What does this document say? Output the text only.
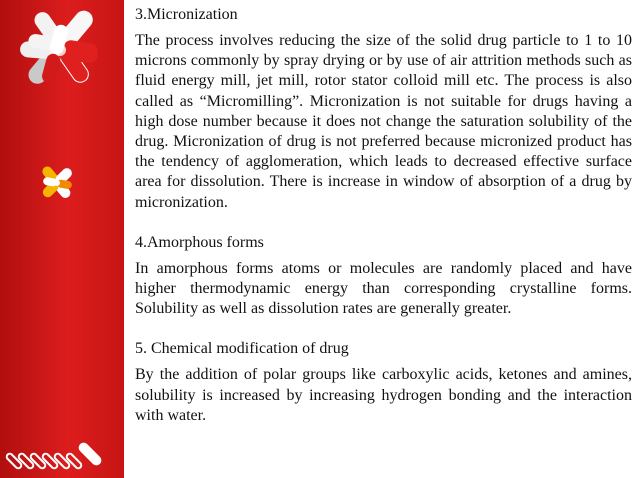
3.Micronization

The process involves reducing the size of the solid drug particle to 1 to 10 microns commonly by spray drying or by use of air attrition methods such as fluid energy mill, jet mill, rotor stator colloid mill etc. The process is also called as “Micromilling”. Micronization is not suitable for drugs having a high dose number because it does not change the saturation solubility of the drug. Micronization of drug is not preferred because micronized product has the tendency of agglomeration, which leads to decreased effective surface area for dissolution. There is increase in window of absorption of a drug by micronization.

4.Amorphous forms

In amorphous forms atoms or molecules are randomly placed and have higher thermodynamic energy than corresponding crystalline forms. Solubility as well as dissolution rates are generally greater.

5. Chemical modification of drug

By the addition of polar groups like carboxylic acids, ketones and amines, solubility is increased by increasing hydrogen bonding and the interaction with water.
